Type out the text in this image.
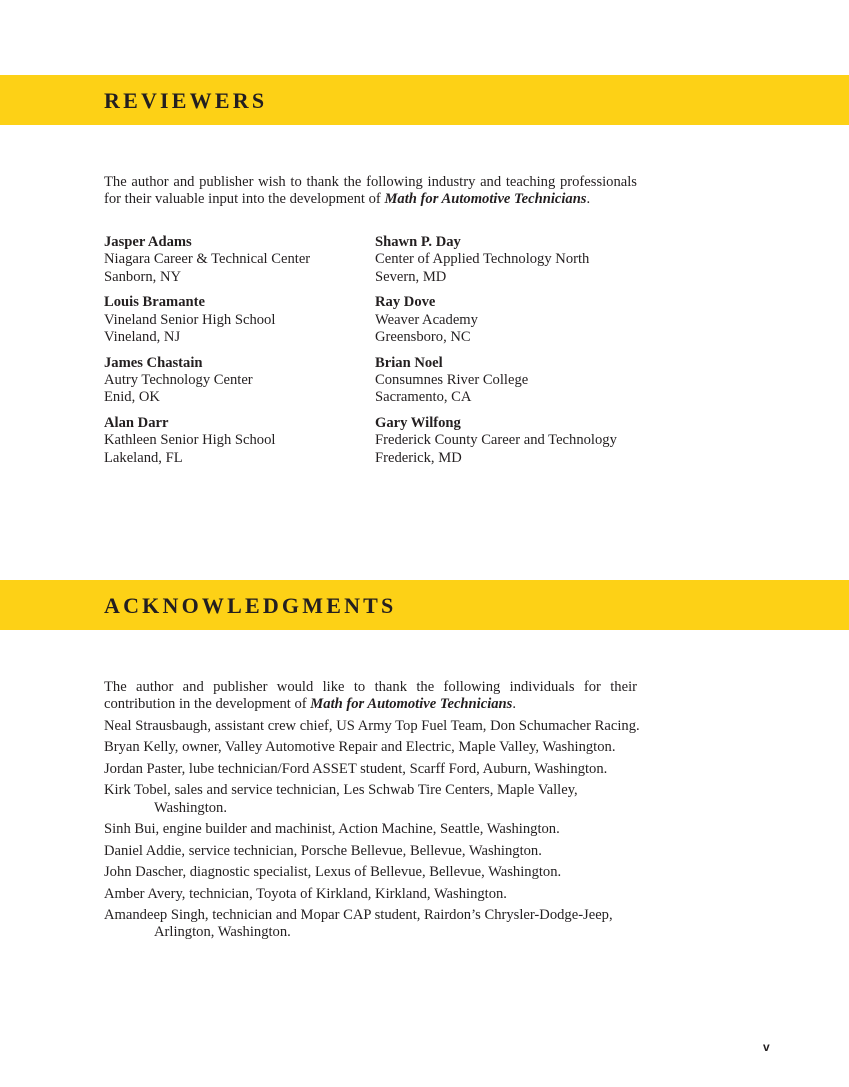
REVIEWERS

The author and publisher wish to thank the following industry and teaching professionals for their valuable input into the development of Math for Automotive Technicians.

Jasper Adams
Niagara Career & Technical Center
Sanborn, NY
Louis Bramante
Vineland Senior High School
Vineland, NJ
James Chastain
Autry Technology Center
Enid, OK
Alan Darr
Kathleen Senior High School
Lakeland, FL
Shawn P. Day
Center of Applied Technology North
Severn, MD
Ray Dove
Weaver Academy
Greensboro, NC
Brian Noel
Consumnes River College
Sacramento, CA
Gary Wilfong
Frederick County Career and Technology
Frederick, MD
ACKNOWLEDGMENTS

The author and publisher would like to thank the following individuals for their contribution in the development of Math for Automotive Technicians.

Neal Strausbaugh, assistant crew chief, US Army Top Fuel Team, Don Schumacher Racing.
Bryan Kelly, owner, Valley Automotive Repair and Electric, Maple Valley, Washington.
Jordan Paster, lube technician/Ford ASSET student, Scarff Ford, Auburn, Washington.
Kirk Tobel, sales and service technician, Les Schwab Tire Centers, Maple Valley, Washington.
Sinh Bui, engine builder and machinist, Action Machine, Seattle, Washington.
Daniel Addie, service technician, Porsche Bellevue, Bellevue, Washington.
John Dascher, diagnostic specialist, Lexus of Bellevue, Bellevue, Washington.
Amber Avery, technician, Toyota of Kirkland, Kirkland, Washington.
Amandeep Singh, technician and Mopar CAP student, Rairdon’s Chrysler-Dodge-Jeep, Arlington, Washington.
v
